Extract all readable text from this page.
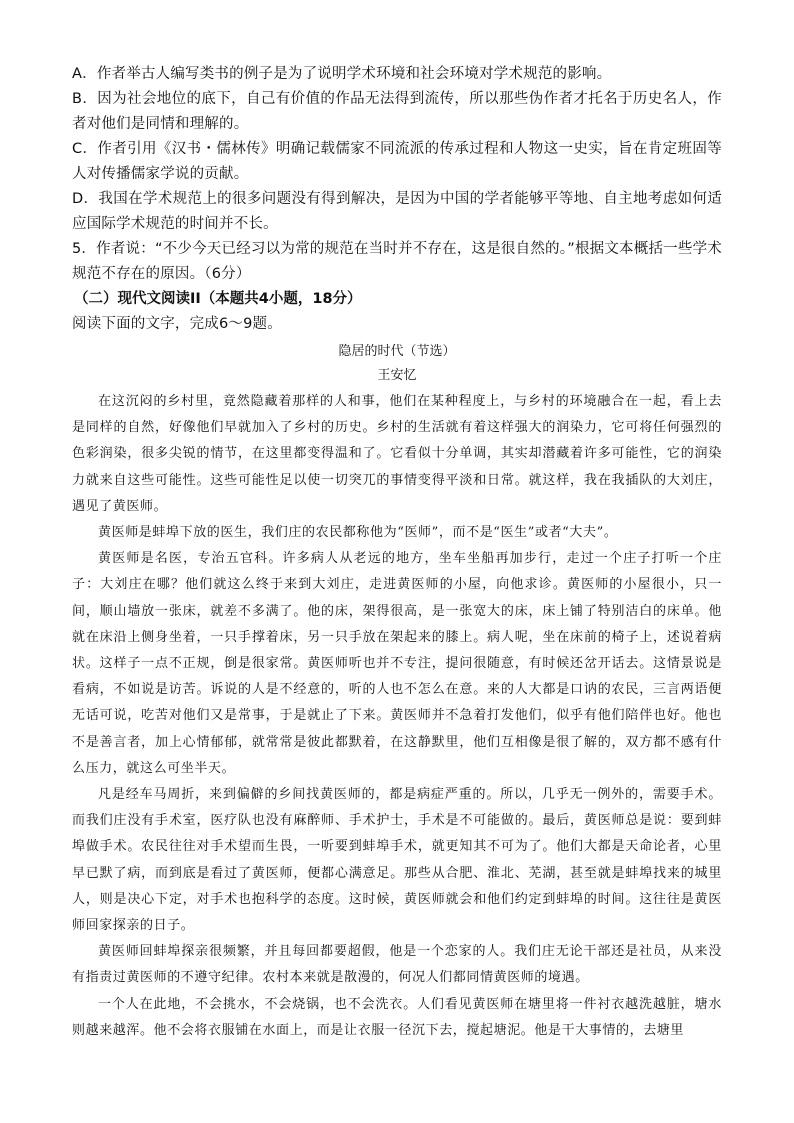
A．作者举古人编写类书的例子是为了说明学术环境和社会环境对学术规范的影响。

B．因为社会地位的底下，自己有价值的作品无法得到流传，所以那些伪作者才托名于历史名人，作者对他们是同情和理解的。

C．作者引用《汉书・儒林传》明确记载儒家不同流派的传承过程和人物这一史实，旨在肯定班固等人对传播儒家学说的贡献。

D．我国在学术规范上的很多问题没有得到解决，是因为中国的学者能够平等地、自主地考虑如何适应国际学术规范的时间并不长。

5．作者说：“不少今天已经习以为常的规范在当时并不存在，这是很自然的。”根据文本概括一些学术规范不存在的原因。（6分）

（二）现代文阅读II（本题共4小题，18分）

阅读下面的文字，完成6～9题。

隐居的时代（节选）

王安忆

在这沉闷的乡村里，竟然隐藏着那样的人和事，他们在某种程度上，与乡村的环境融合在一起，看上去是同样的自然，好像他们早就加入了乡村的历史。乡村的生活就有着这样强大的润染力，它可将任何强烈的色彩润染，很多尖锐的情节，在这里都变得温和了。它看似十分单调，其实却潜藏着许多可能性，它的润染力就来自这些可能性。这些可能性足以使一切突兀的事情变得平淡和日常。就这样，我在我插队的大刘庄，遇见了黄医师。

黄医师是蚌埠下放的医生，我们庄的农民都称他为“医师”，而不是“医生”或者“大夫”。

黄医师是名医，专治五官科。许多病人从老远的地方，坐车坐船再加步行，走过一个庄子打听一个庄子：大刘庄在哪？他们就这么终于来到大刘庄，走进黄医师的小屋，向他求诊。黄医师的小屋很小，只一间，顺山墙放一张床，就差不多满了。他的床，架得很高，是一张宽大的床，床上铺了特别洁白的床单。他就在床沿上侧身坐着，一只手撑着床，另一只手放在架起来的膝上。病人呢，坐在床前的椅子上，述说着病状。这样子一点不正规，倒是很家常。黄医师听也并不专注，提问很随意，有时候还岔开话去。这情景说是看病，不如说是访苦。诉说的人是不经意的，听的人也不怎么在意。来的人大都是口讷的农民，三言两语便无话可说，吃苦对他们又是常事，于是就止了下来。黄医师并不急着打发他们，似乎有他们陪伴也好。他也不是善言者，加上心情郁郁，就常常是彼此都默着，在这静默里，他们互相像是很了解的，双方都不感有什么压力，就这么可坐半天。

凡是经车马周折，来到偏僻的乡间找黄医师的，都是病症严重的。所以，几乎无一例外的，需要手术。而我们庄没有手术室，医疗队也没有麻醉师、手术护士，手术是不可能做的。最后，黄医师总是说：要到蚌埠做手术。农民往往对手术望而生畏，一听要到蚌埠手术，就更知其不可为了。他们大都是天命论者，心里早已默了病，而到底是看过了黄医师，便都心满意足。那些从合肥、淮北、芜湖，甚至就是蚌埠找来的城里人，则是决心下定，对手术也抱科学的态度。这时候，黄医师就会和他们约定到蚌埠的时间。这往往是黄医师回家探亲的日子。

黄医师回蚌埠探亲很频繁，并且每回都要超假，他是一个恋家的人。我们庄无论干部还是社员，从来没有指责过黄医师的不遵守纪律。农村本来就是散漫的，何况人们都同情黄医师的境遇。

一个人在此地，不会挑水，不会烧锅，也不会洗衣。人们看见黄医师在塘里将一件衬衣越洗越脏，塘水则越来越浑。他不会将衣服铺在水面上，而是让衣服一径沉下去，搅起塘泥。他是干大事情的，去塘里
